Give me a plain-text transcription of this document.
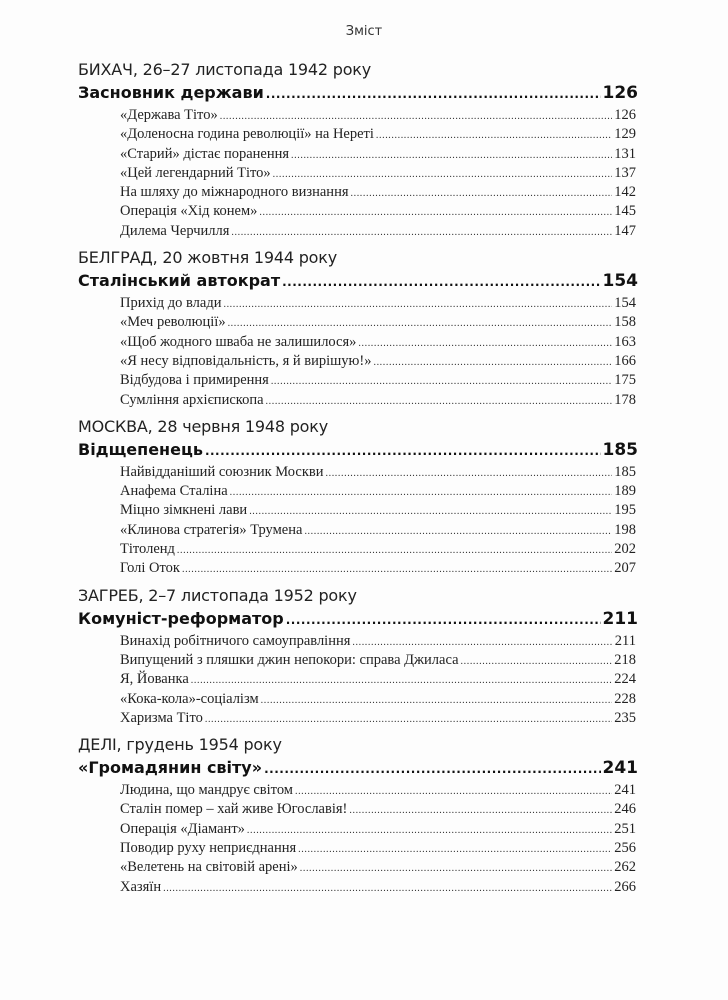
Зміст
БИХАЧ, 26–27 листопада 1942 року
Засновник держави .....	126
«Держава Тіто» .....	126
«Доленосна година революції» на Нереті .....	129
«Старий» дістає поранення .....	131
«Цей легендарний Тіто» .....	137
На шляху до міжнародного визнання .....	142
Операція «Хід конем» .....	145
Дилема Черчилля .....	147
БЕЛГРАД, 20 жовтня 1944 року
Сталінський автократ .....	154
Прихід до влади .....	154
«Меч революції» .....	158
«Щоб жодного шваба не залишилося» .....	163
«Я несу відповідальність, я й вирішую!» .....	166
Відбудова і примирення .....	175
Сумління архієпископа .....	178
МОСКВА, 28 червня 1948 року
Відщепенець .....	185
Найвідданіший союзник Москви .....	185
Анафема Сталіна .....	189
Міцно зімкнені лави .....	195
«Клинова стратегія» Трумена .....	198
Тітоленд .....	202
Голі Оток .....	207
ЗАГРЕБ, 2–7 листопада 1952 року
Комуніст-реформатор .....	211
Винахід робітничого самоуправління .....	211
Випущений з пляшки джин непокори: справа Джиласа .....	218
Я, Йованка .....	224
«Кока-кола»-соціалізм .....	228
Харизма Тіто .....	235
ДЕЛІ, грудень 1954 року
«Громадянин світу» .....	241
Людина, що мандрує світом .....	241
Сталін помер – хай живе Югославія! .....	246
Операція «Діамант» .....	251
Поводир руху неприєднання .....	256
«Велетень на світовій арені» .....	262
Хазяїн .....	266
